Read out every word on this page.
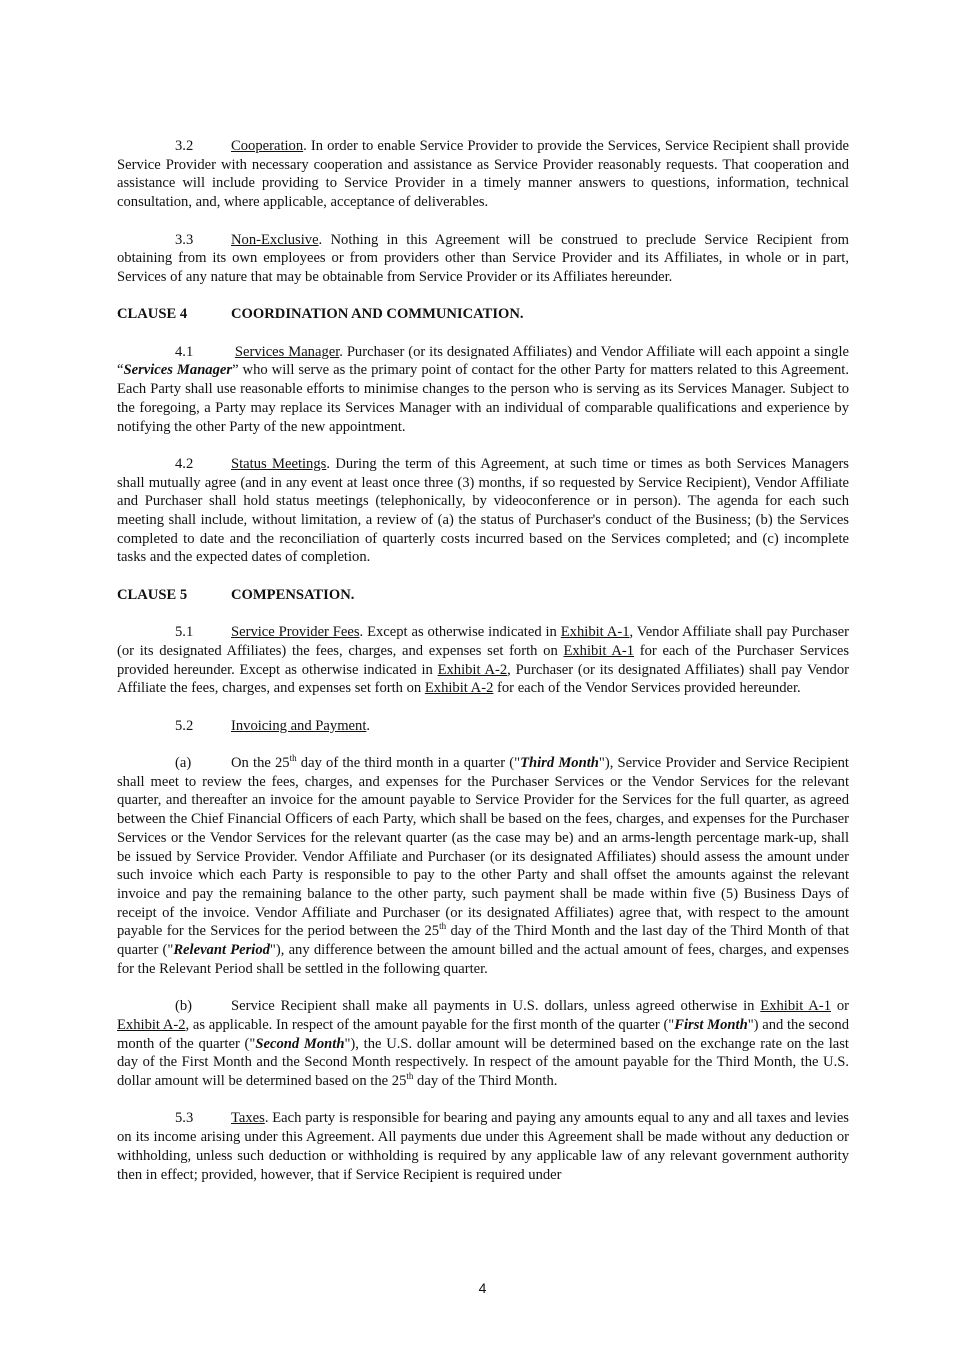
3.2	Cooperation. In order to enable Service Provider to provide the Services, Service Recipient shall provide Service Provider with necessary cooperation and assistance as Service Provider reasonably requests. That cooperation and assistance will include providing to Service Provider in a timely manner answers to questions, information, technical consultation, and, where applicable, acceptance of deliverables.

3.3	Non-Exclusive. Nothing in this Agreement will be construed to preclude Service Recipient from obtaining from its own employees or from providers other than Service Provider and its Affiliates, in whole or in part, Services of any nature that may be obtainable from Service Provider or its Affiliates hereunder.

CLAUSE 4	COORDINATION AND COMMUNICATION.

4.1	Services Manager. Purchaser (or its designated Affiliates) and Vendor Affiliate will each appoint a single “Services Manager” who will serve as the primary point of contact for the other Party for matters related to this Agreement. Each Party shall use reasonable efforts to minimise changes to the person who is serving as its Services Manager. Subject to the foregoing, a Party may replace its Services Manager with an individual of comparable qualifications and experience by notifying the other Party of the new appointment.

4.2	Status Meetings. During the term of this Agreement, at such time or times as both Services Managers shall mutually agree (and in any event at least once three (3) months, if so requested by Service Recipient), Vendor Affiliate and Purchaser shall hold status meetings (telephonically, by videoconference or in person). The agenda for each such meeting shall include, without limitation, a review of (a) the status of Purchaser's conduct of the Business; (b) the Services completed to date and the reconciliation of quarterly costs incurred based on the Services completed; and (c) incomplete tasks and the expected dates of completion.

CLAUSE 5	COMPENSATION.

5.1	Service Provider Fees. Except as otherwise indicated in Exhibit A-1, Vendor Affiliate shall pay Purchaser (or its designated Affiliates) the fees, charges, and expenses set forth on Exhibit A-1 for each of the Purchaser Services provided hereunder. Except as otherwise indicated in Exhibit A-2, Purchaser (or its designated Affiliates) shall pay Vendor Affiliate the fees, charges, and expenses set forth on Exhibit A-2 for each of the Vendor Services provided hereunder.

5.2	Invoicing and Payment.

(a)	On the 25th day of the third month in a quarter ("Third Month"), Service Provider and Service Recipient shall meet to review the fees, charges, and expenses for the Purchaser Services or the Vendor Services for the relevant quarter, and thereafter an invoice for the amount payable to Service Provider for the Services for the full quarter, as agreed between the Chief Financial Officers of each Party, which shall be based on the fees, charges, and expenses for the Purchaser Services or the Vendor Services for the relevant quarter (as the case may be) and an arms-length percentage mark-up, shall be issued by Service Provider. Vendor Affiliate and Purchaser (or its designated Affiliates) should assess the amount under such invoice which each Party is responsible to pay to the other Party and shall offset the amounts against the relevant invoice and pay the remaining balance to the other party, such payment shall be made within five (5) Business Days of receipt of the invoice. Vendor Affiliate and Purchaser (or its designated Affiliates) agree that, with respect to the amount payable for the Services for the period between the 25th day of the Third Month and the last day of the Third Month of that quarter ("Relevant Period"), any difference between the amount billed and the actual amount of fees, charges, and expenses for the Relevant Period shall be settled in the following quarter.

(b)	Service Recipient shall make all payments in U.S. dollars, unless agreed otherwise in Exhibit A-1 or Exhibit A-2, as applicable. In respect of the amount payable for the first month of the quarter ("First Month") and the second month of the quarter ("Second Month"), the U.S. dollar amount will be determined based on the exchange rate on the last day of the First Month and the Second Month respectively. In respect of the amount payable for the Third Month, the U.S. dollar amount will be determined based on the 25th day of the Third Month.

5.3	Taxes. Each party is responsible for bearing and paying any amounts equal to any and all taxes and levies on its income arising under this Agreement. All payments due under this Agreement shall be made without any deduction or withholding, unless such deduction or withholding is required by any applicable law of any relevant government authority then in effect; provided, however, that if Service Recipient is required under

4
